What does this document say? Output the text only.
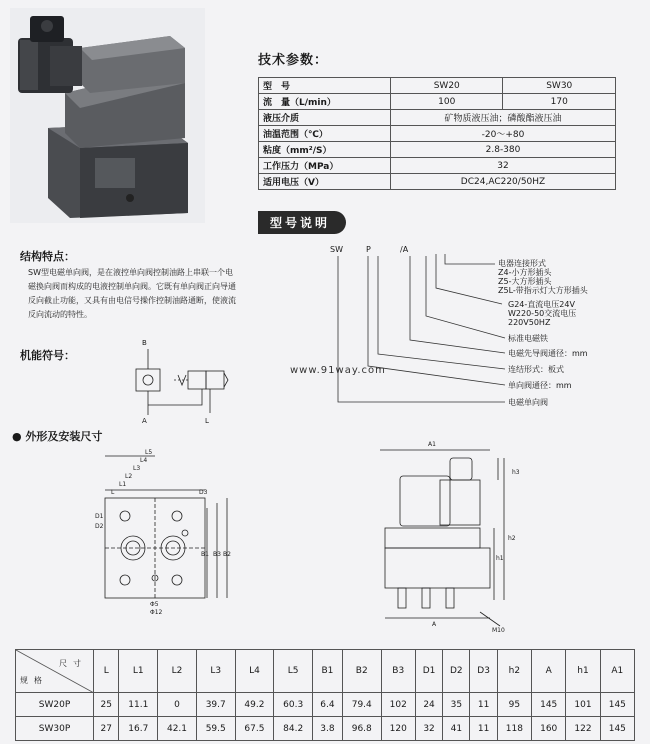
技术参数：
型　号	SW20	SW30
流　量（L/min）	100	170
液压介质	矿物质液压油；磷酸酯液压油	
油温范围（℃）	-20～+80	
粘度（mm²/S）	2.8-380	
工作压力（MPa）	32	
适用电压（V）	DC24,AC220/50HZ	
型号说明
SW	P	/A
电器连接形式
Z4-小方形插头
Z5-大方形插头
Z5L-带指示灯大方形插头
G24-直流电压24V
W220-50交流电压
220V50HZ
标准电磁铁
电磁先导阀通径：mm
连结形式：板式
单向阀通径：mm
电磁单向阀
结构特点：
SW型电磁单向阀，是在液控单向阀控制油路上串联一个电磁换向阀而构成的电液控制单向阀。它既有单向阀正向导通反向截止功能，又具有由电信号操作控制油路通断，使液流反向流动的特性。
机能符号：
B
A	L
● 外形及安装尺寸
L5
L4
L3
L2
L1
L	D3
D1
D2
B1 B3 B2
Φ5
Φ12
A1
h3
h2
h1
A
M10
www.91way.com
尺寸
规格	L	L1	L2	L3	L4	L5	B1	B2	B3	D1	D2	D3	h2	A	h1	A1
SW20P	25	11.1	0	39.7	49.2	60.3	6.4	79.4	102	24	35	11	95	145	101	145
SW30P	27	16.7	42.1	59.5	67.5	84.2	3.8	96.8	120	32	41	11	118	160	122	145
